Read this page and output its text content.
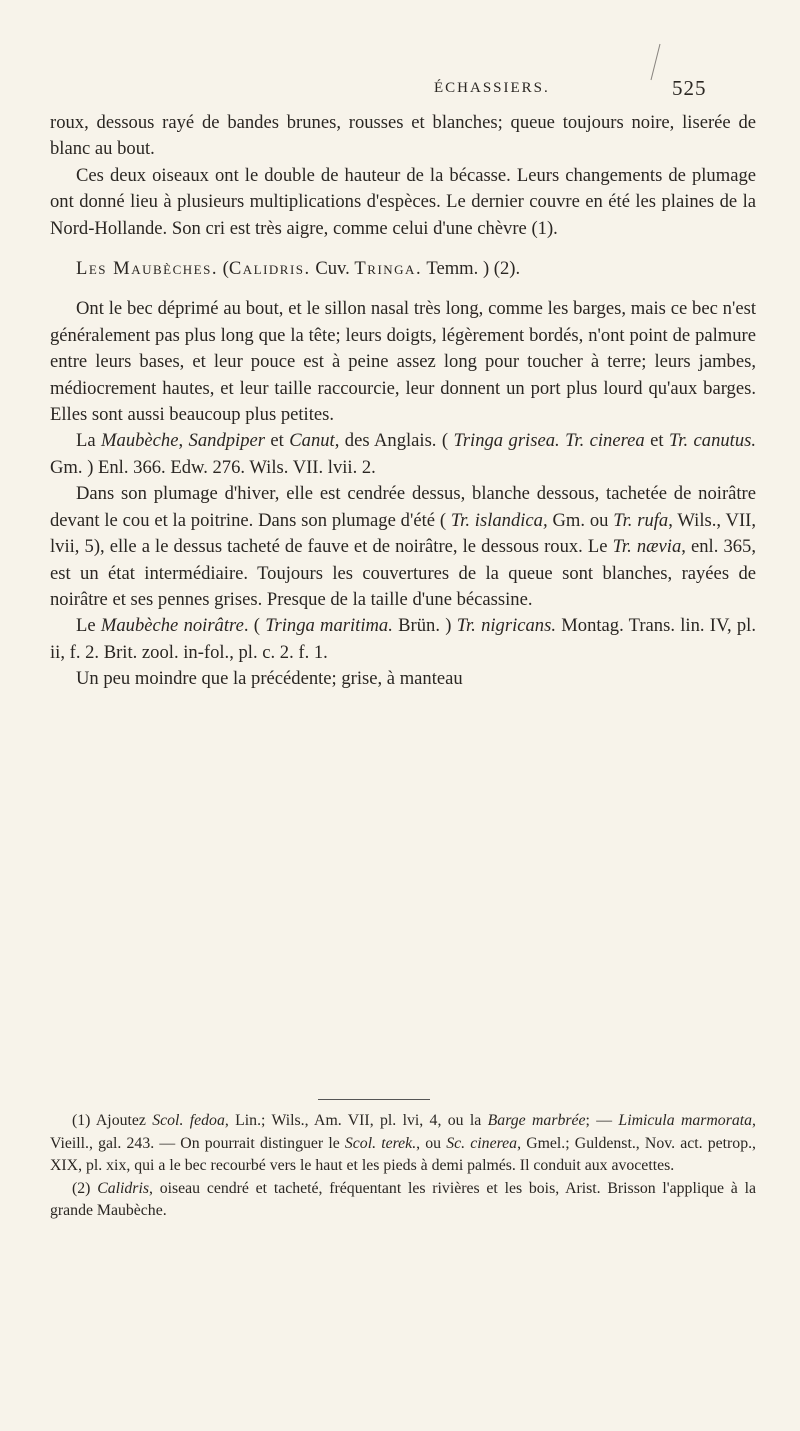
ÉCHASSIERS.	525

roux, dessous rayé de bandes brunes, rousses et blanches; queue toujours noire, liserée de blanc au bout.

Ces deux oiseaux ont le double de hauteur de la bécasse. Leurs changements de plumage ont donné lieu à plusieurs multiplications d'espèces. Le dernier couvre en été les plaines de la Nord-Hollande. Son cri est très aigre, comme celui d'une chèvre (1).

Les Maubèches. (Calidris. Cuv. Tringa. Temm. ) (2).

Ont le bec déprimé au bout, et le sillon nasal très long, comme les barges, mais ce bec n'est généralement pas plus long que la tête; leurs doigts, légèrement bordés, n'ont point de palmure entre leurs bases, et leur pouce est à peine assez long pour toucher à terre; leurs jambes, médiocrement hautes, et leur taille raccourcie, leur donnent un port plus lourd qu'aux barges. Elles sont aussi beaucoup plus petites.

La Maubèche, Sandpiper et Canut, des Anglais. ( Tringa grisea. Tr. cinerea et Tr. canutus. Gm. ) Enl. 366. Edw. 276. Wils. VII. lvii. 2.

Dans son plumage d'hiver, elle est cendrée dessus, blanche dessous, tachetée de noirâtre devant le cou et la poitrine. Dans son plumage d'été ( Tr. islandica, Gm. ou Tr. rufa, Wils., VII, lvii, 5), elle a le dessus tacheté de fauve et de noirâtre, le dessous roux. Le Tr. nævia, enl. 365, est un état intermédiaire. Toujours les couvertures de la queue sont blanches, rayées de noirâtre et ses pennes grises. Presque de la taille d'une bécassine.

Le Maubèche noirâtre. ( Tringa maritima. Brün. ) Tr. nigricans. Montag. Trans. lin. IV, pl. ii, f. 2. Brit. zool. in-fol., pl. c. 2. f. 1.

Un peu moindre que la précédente; grise, à manteau

(1) Ajoutez Scol. fedoa, Lin.; Wils., Am. VII, pl. lvi, 4, ou la Barge marbrée; — Limicula marmorata, Vieill., gal. 243. — On pourrait distinguer le Scol. terek., ou Sc. cinerea, Gmel.; Guldenst., Nov. act. petrop., XIX, pl. xix, qui a le bec recourbé vers le haut et les pieds à demi palmés. Il conduit aux avocettes.

(2) Calidris, oiseau cendré et tacheté, fréquentant les rivières et les bois, Arist. Brisson l'applique à la grande Maubèche.
